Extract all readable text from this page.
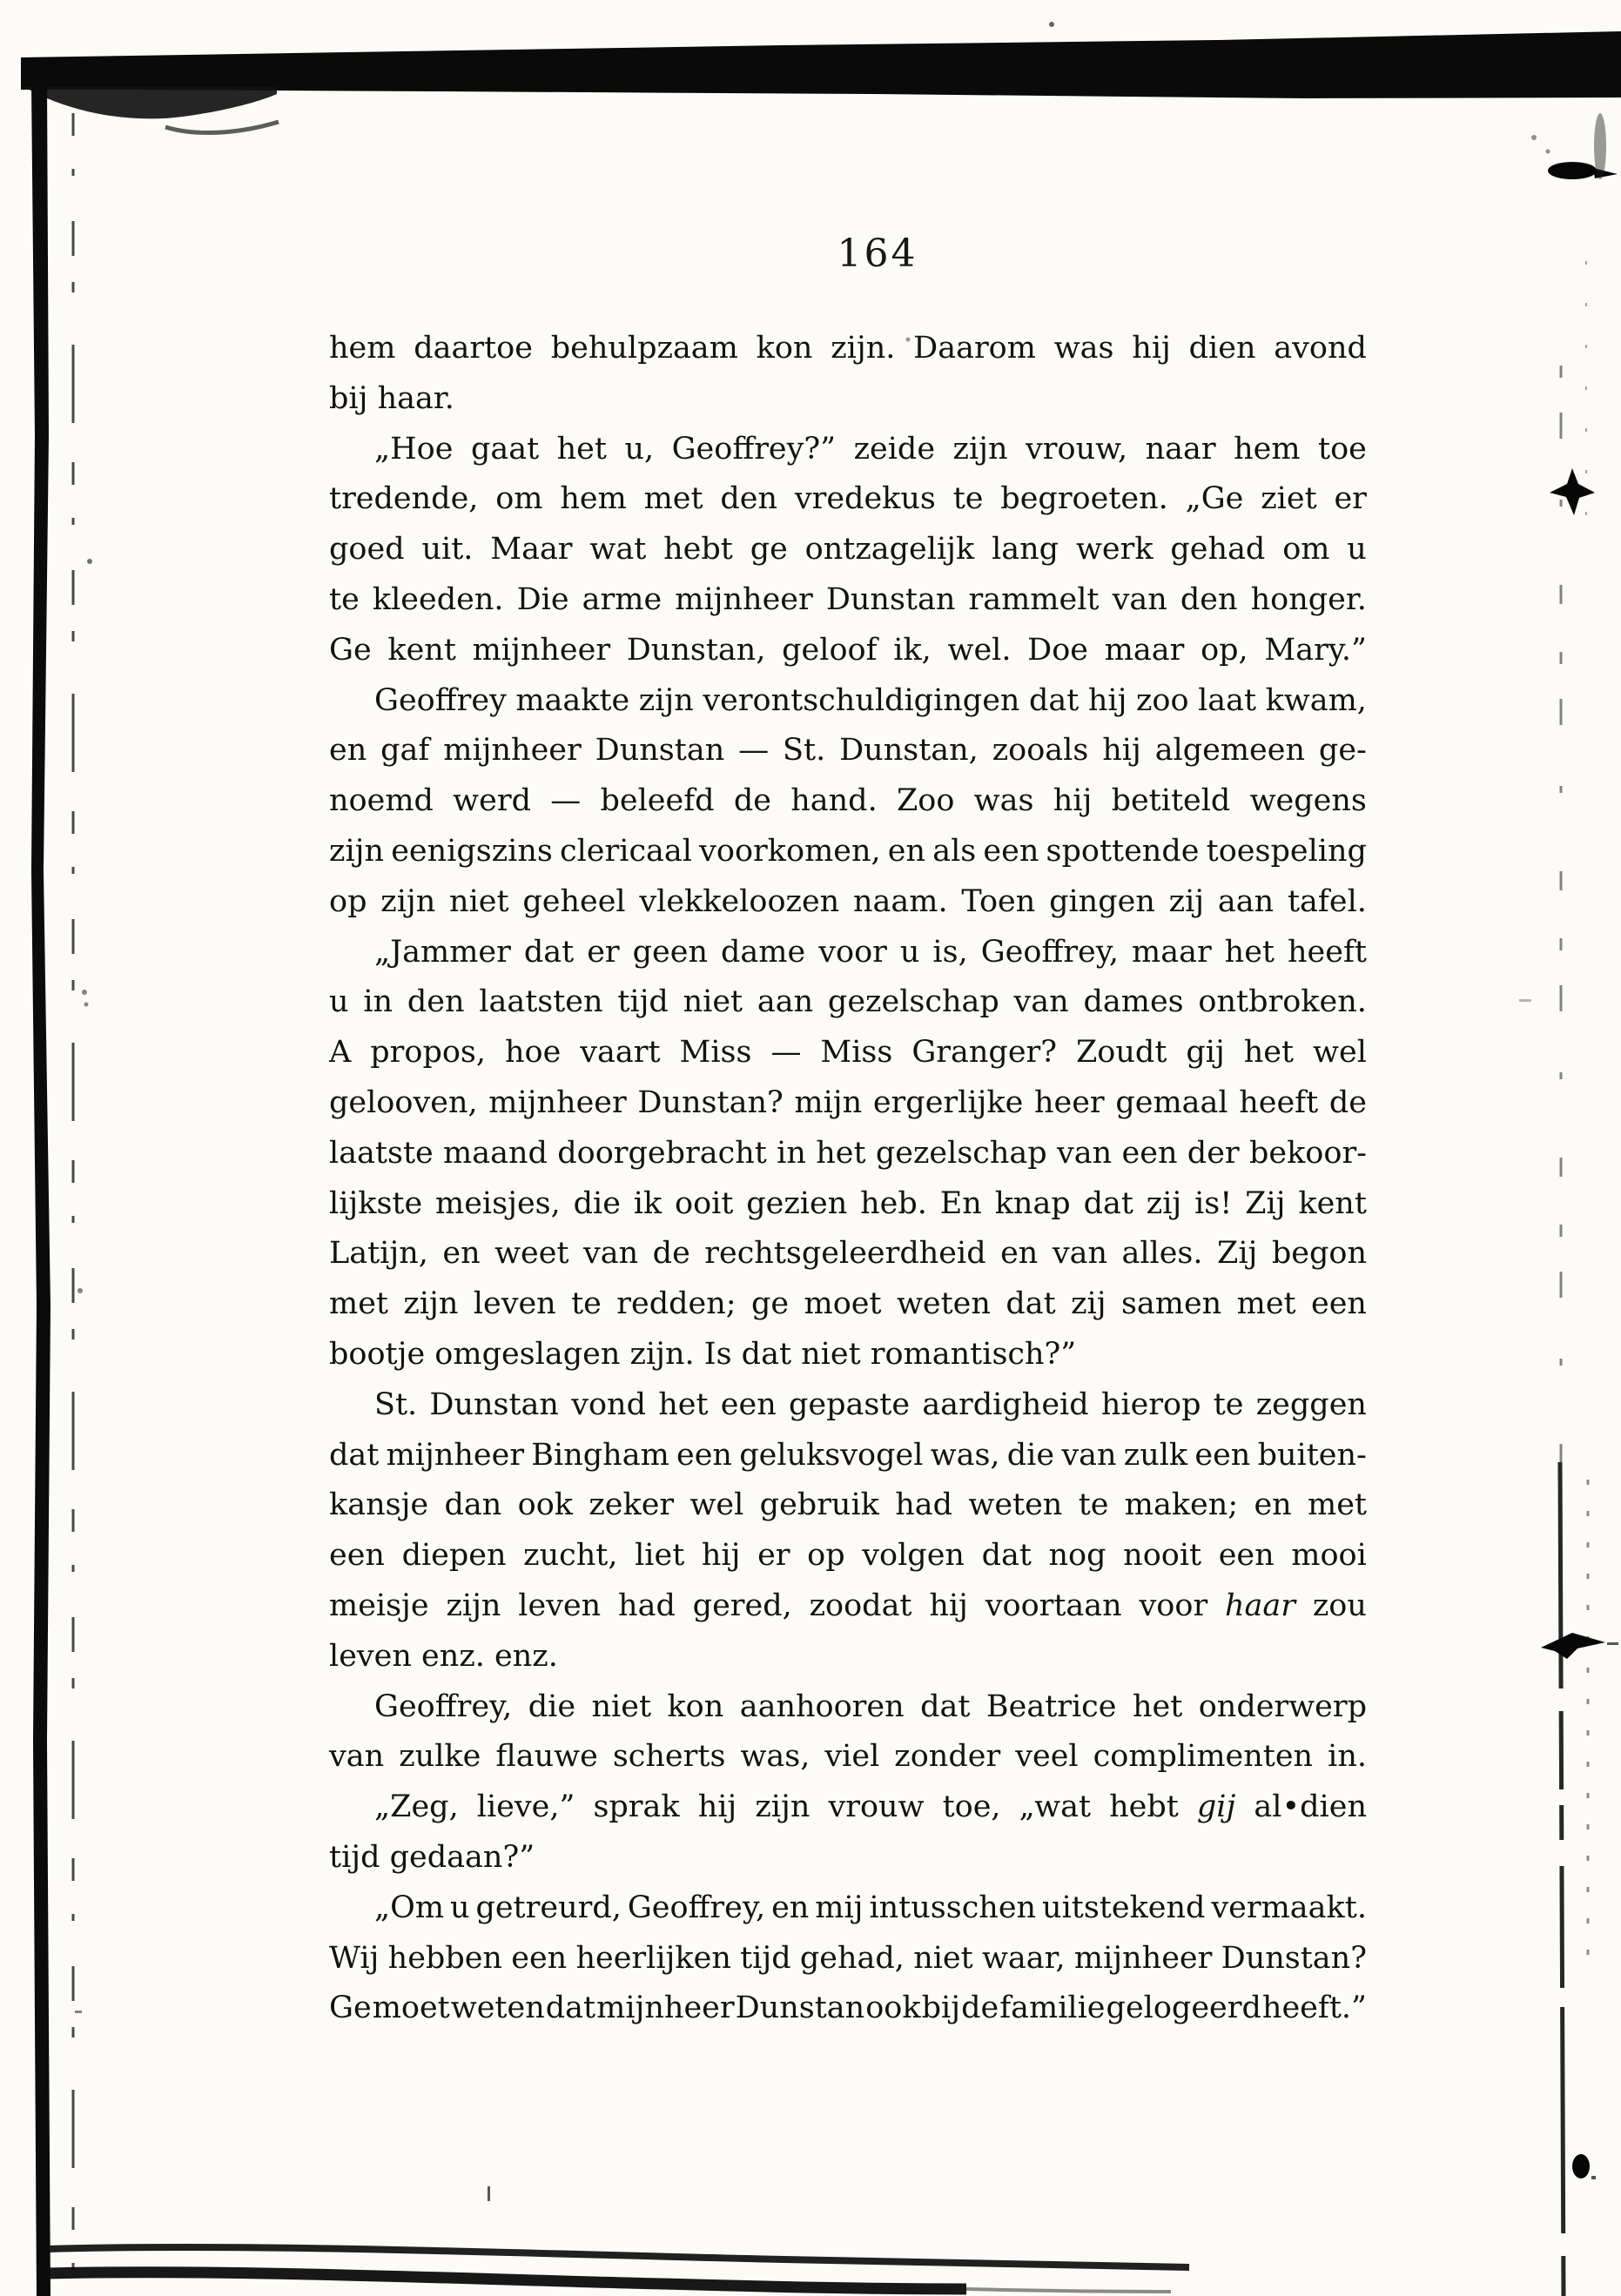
164
hem daartoe behulpzaam kon zijn. Daarom was hij dien avond
bij haar.
„Hoe gaat het u, Geoffrey?” zeide zijn vrouw, naar hem toe
tredende, om hem met den vredekus te begroeten. „Ge ziet er
goed uit. Maar wat hebt ge ontzagelijk lang werk gehad om u
te kleeden. Die arme mijnheer Dunstan rammelt van den honger.
Ge kent mijnheer Dunstan, geloof ik, wel. Doe maar op, Mary.”
Geoffrey maakte zijn verontschuldigingen dat hij zoo laat kwam,
en gaf mijnheer Dunstan — St. Dunstan, zooals hij algemeen ge-
noemd werd — beleefd de hand. Zoo was hij betiteld wegens
zijn eenigszins clericaal voorkomen, en als een spottende toespeling
op zijn niet geheel vlekkeloozen naam. Toen gingen zij aan tafel.
„Jammer dat er geen dame voor u is, Geoffrey, maar het heeft
u in den laatsten tijd niet aan gezelschap van dames ontbroken.
A propos, hoe vaart Miss — Miss Granger? Zoudt gij het wel
gelooven, mijnheer Dunstan? mijn ergerlijke heer gemaal heeft de
laatste maand doorgebracht in het gezelschap van een der bekoor-
lijkste meisjes, die ik ooit gezien heb. En knap dat zij is! Zij kent
Latijn, en weet van de rechtsgeleerdheid en van alles. Zij begon
met zijn leven te redden; ge moet weten dat zij samen met een
bootje omgeslagen zijn. Is dat niet romantisch?”
St. Dunstan vond het een gepaste aardigheid hierop te zeggen
dat mijnheer Bingham een geluksvogel was, die van zulk een buiten-
kansje dan ook zeker wel gebruik had weten te maken; en met
een diepen zucht, liet hij er op volgen dat nog nooit een mooi
meisje zijn leven had gered, zoodat hij voortaan voor haar zou
leven enz. enz.
Geoffrey, die niet kon aanhooren dat Beatrice het onderwerp
van zulke flauwe scherts was, viel zonder veel complimenten in.
„Zeg, lieve,” sprak hij zijn vrouw toe, „wat hebt gij al•dien
tijd gedaan?”
„Om u getreurd, Geoffrey, en mij intusschen uitstekend vermaakt.
Wij hebben een heerlijken tijd gehad, niet waar, mijnheer Dunstan?
Ge moet weten dat mijnheer Dunstan ook bij de familie gelogeerd heeft.”
